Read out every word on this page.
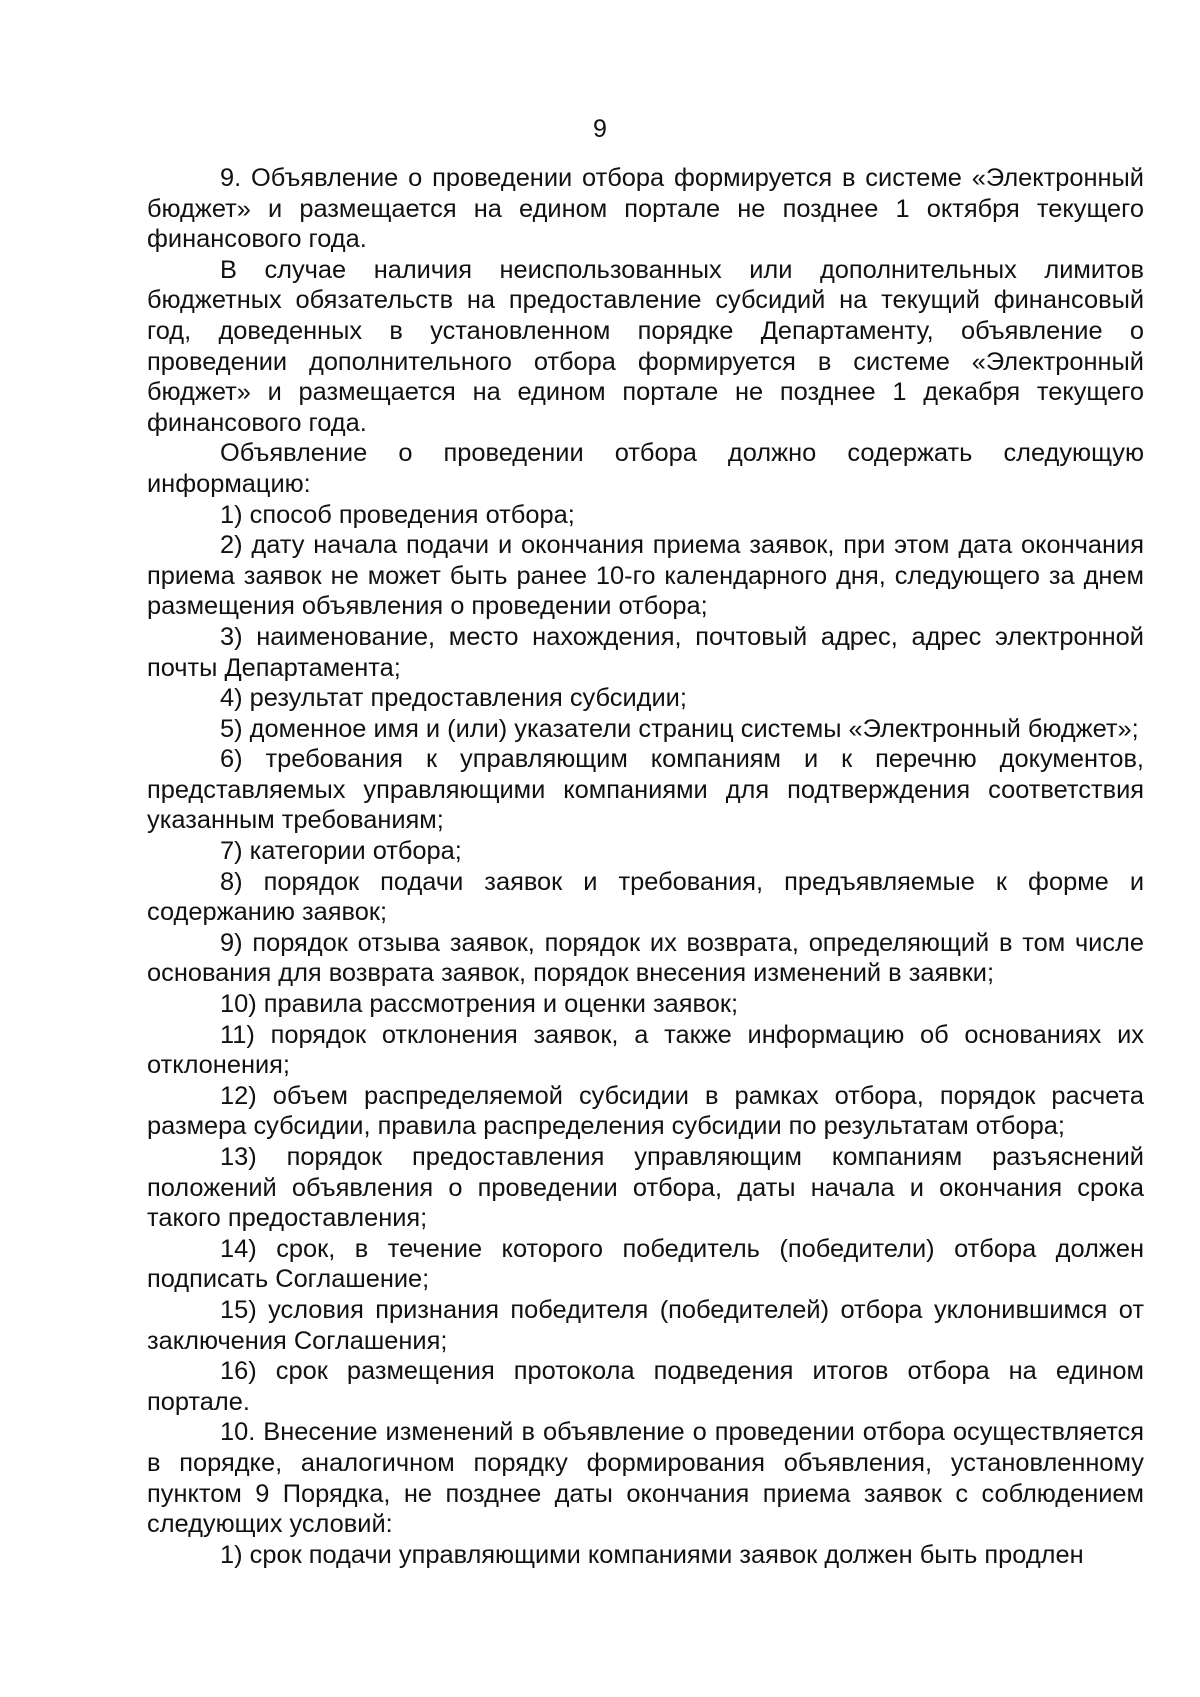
9

9. Объявление о проведении отбора формируется в системе «Электронный бюджет» и размещается на едином портале не позднее 1 октября текущего финансового года.

В случае наличия неиспользованных или дополнительных лимитов бюджетных обязательств на предоставление субсидий на текущий финансовый год, доведенных в установленном порядке Департаменту, объявление о проведении дополнительного отбора формируется в системе «Электронный бюджет» и размещается на едином портале не позднее 1 декабря текущего финансового года.

Объявление о проведении отбора должно содержать следующую информацию:

1) способ проведения отбора;

2) дату начала подачи и окончания приема заявок, при этом дата окончания приема заявок не может быть ранее 10-го календарного дня, следующего за днем размещения объявления о проведении отбора;

3) наименование, место нахождения, почтовый адрес, адрес электронной почты Департамента;

4) результат предоставления субсидии;

5) доменное имя и (или) указатели страниц системы «Электронный бюджет»;

6) требования к управляющим компаниям и к перечню документов, представляемых управляющими компаниями для подтверждения соответствия указанным требованиям;

7) категории отбора;

8) порядок подачи заявок и требования, предъявляемые к форме и содержанию заявок;

9) порядок отзыва заявок, порядок их возврата, определяющий в том числе основания для возврата заявок, порядок внесения изменений в заявки;

10) правила рассмотрения и оценки заявок;

11) порядок отклонения заявок, а также информацию об основаниях их отклонения;

12) объем распределяемой субсидии в рамках отбора, порядок расчета размера субсидии, правила распределения субсидии по результатам отбора;

13) порядок предоставления управляющим компаниям разъяснений положений объявления о проведении отбора, даты начала и окончания срока такого предоставления;

14) срок, в течение которого победитель (победители) отбора должен подписать Соглашение;

15) условия признания победителя (победителей) отбора уклонившимся от заключения Соглашения;

16) срок размещения протокола подведения итогов отбора на едином портале.

10. Внесение изменений в объявление о проведении отбора осуществляется в порядке, аналогичном порядку формирования объявления, установленному пунктом 9 Порядка, не позднее даты окончания приема заявок с соблюдением следующих условий:

1) срок подачи управляющими компаниями заявок должен быть продлен
